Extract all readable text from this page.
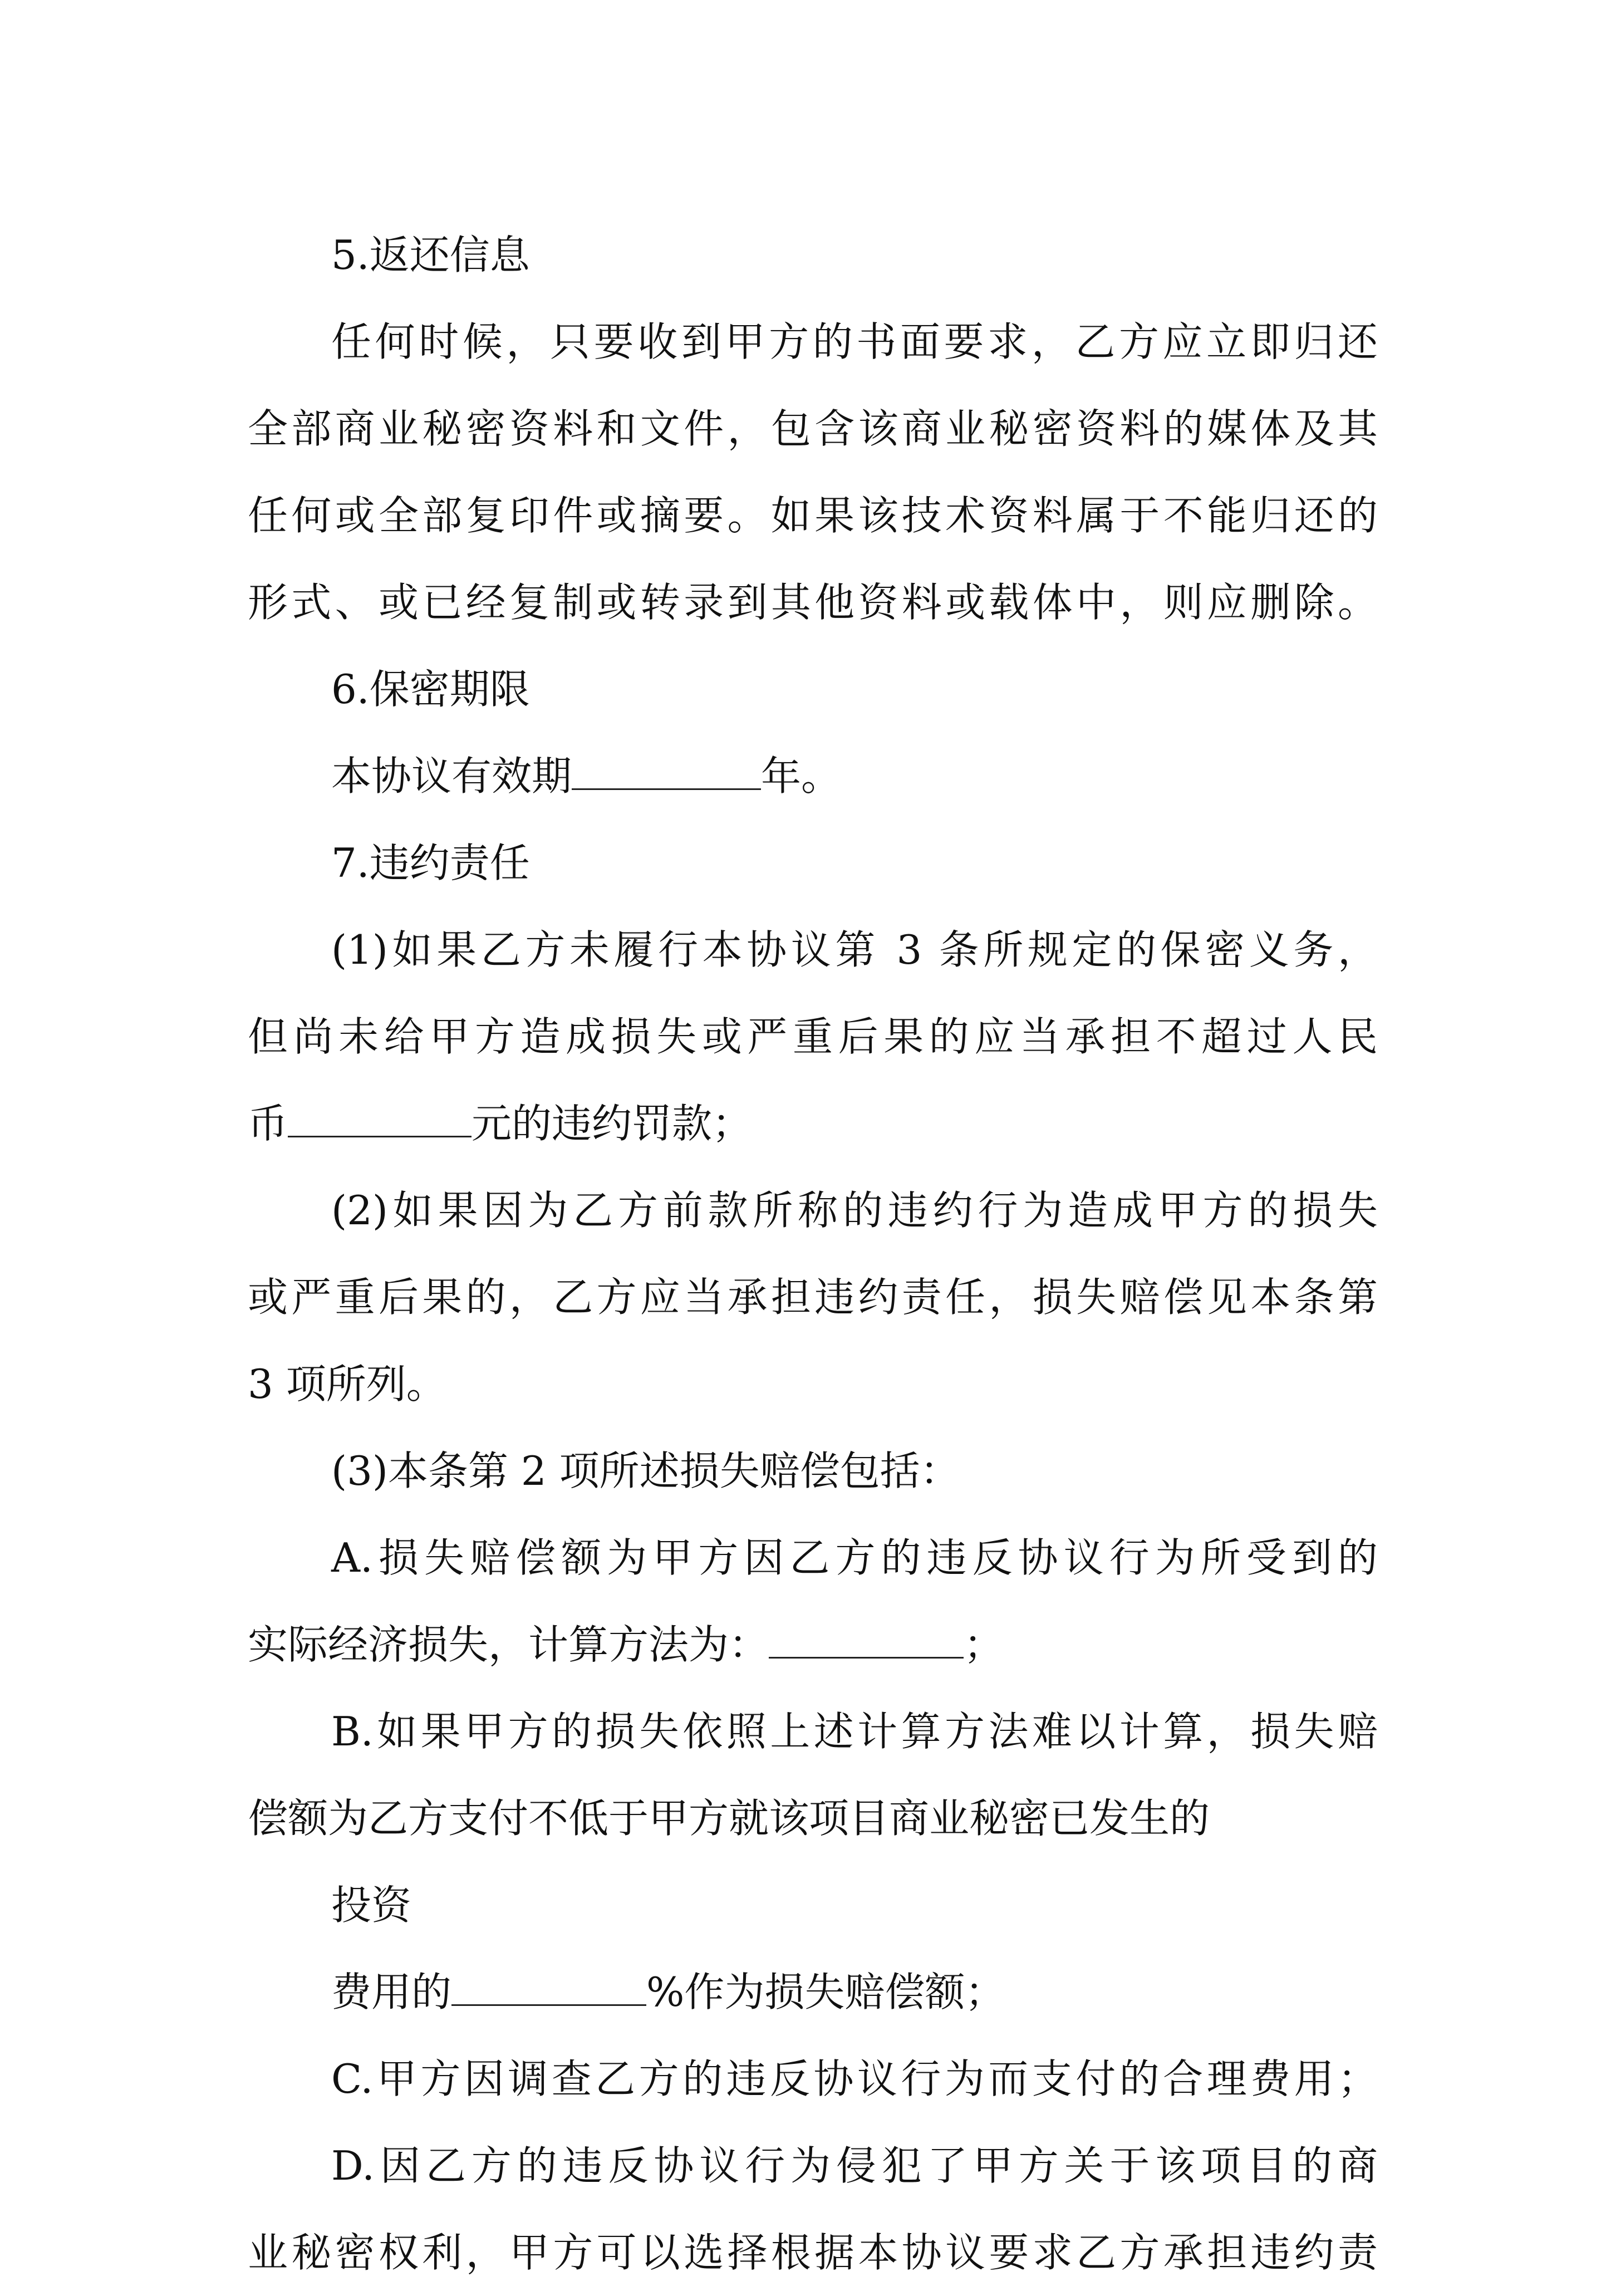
5.返还信息
任何时候，只要收到甲方的书面要求，乙方应立即归还
全部商业秘密资料和文件，包含该商业秘密资料的媒体及其
任何或全部复印件或摘要。如果该技术资料属于不能归还的
形式、或已经复制或转录到其他资料或载体中，则应删除。
6.保密期限
本协议有效期	年。
7.违约责任
(1)如果乙方未履行本协议第 3 条所规定的保密义务，
但尚未给甲方造成损失或严重后果的应当承担不超过人民
币	元的违约罚款；
(2)如果因为乙方前款所称的违约行为造成甲方的损失
或严重后果的，乙方应当承担违约责任，损失赔偿见本条第
3 项所列。
(3)本条第 2 项所述损失赔偿包括：
A.损失赔偿额为甲方因乙方的违反协议行为所受到的
实际经济损失，计算方法为：	；
B.如果甲方的损失依照上述计算方法难以计算，损失赔
偿额为乙方支付不低于甲方就该项目商业秘密已发生的
投资
费用的	%作为损失赔偿额；
C.甲方因调查乙方的违反协议行为而支付的合理费用；
D.因乙方的违反协议行为侵犯了甲方关于该项目的商
业秘密权利，甲方可以选择根据本协议要求乙方承担违约责
